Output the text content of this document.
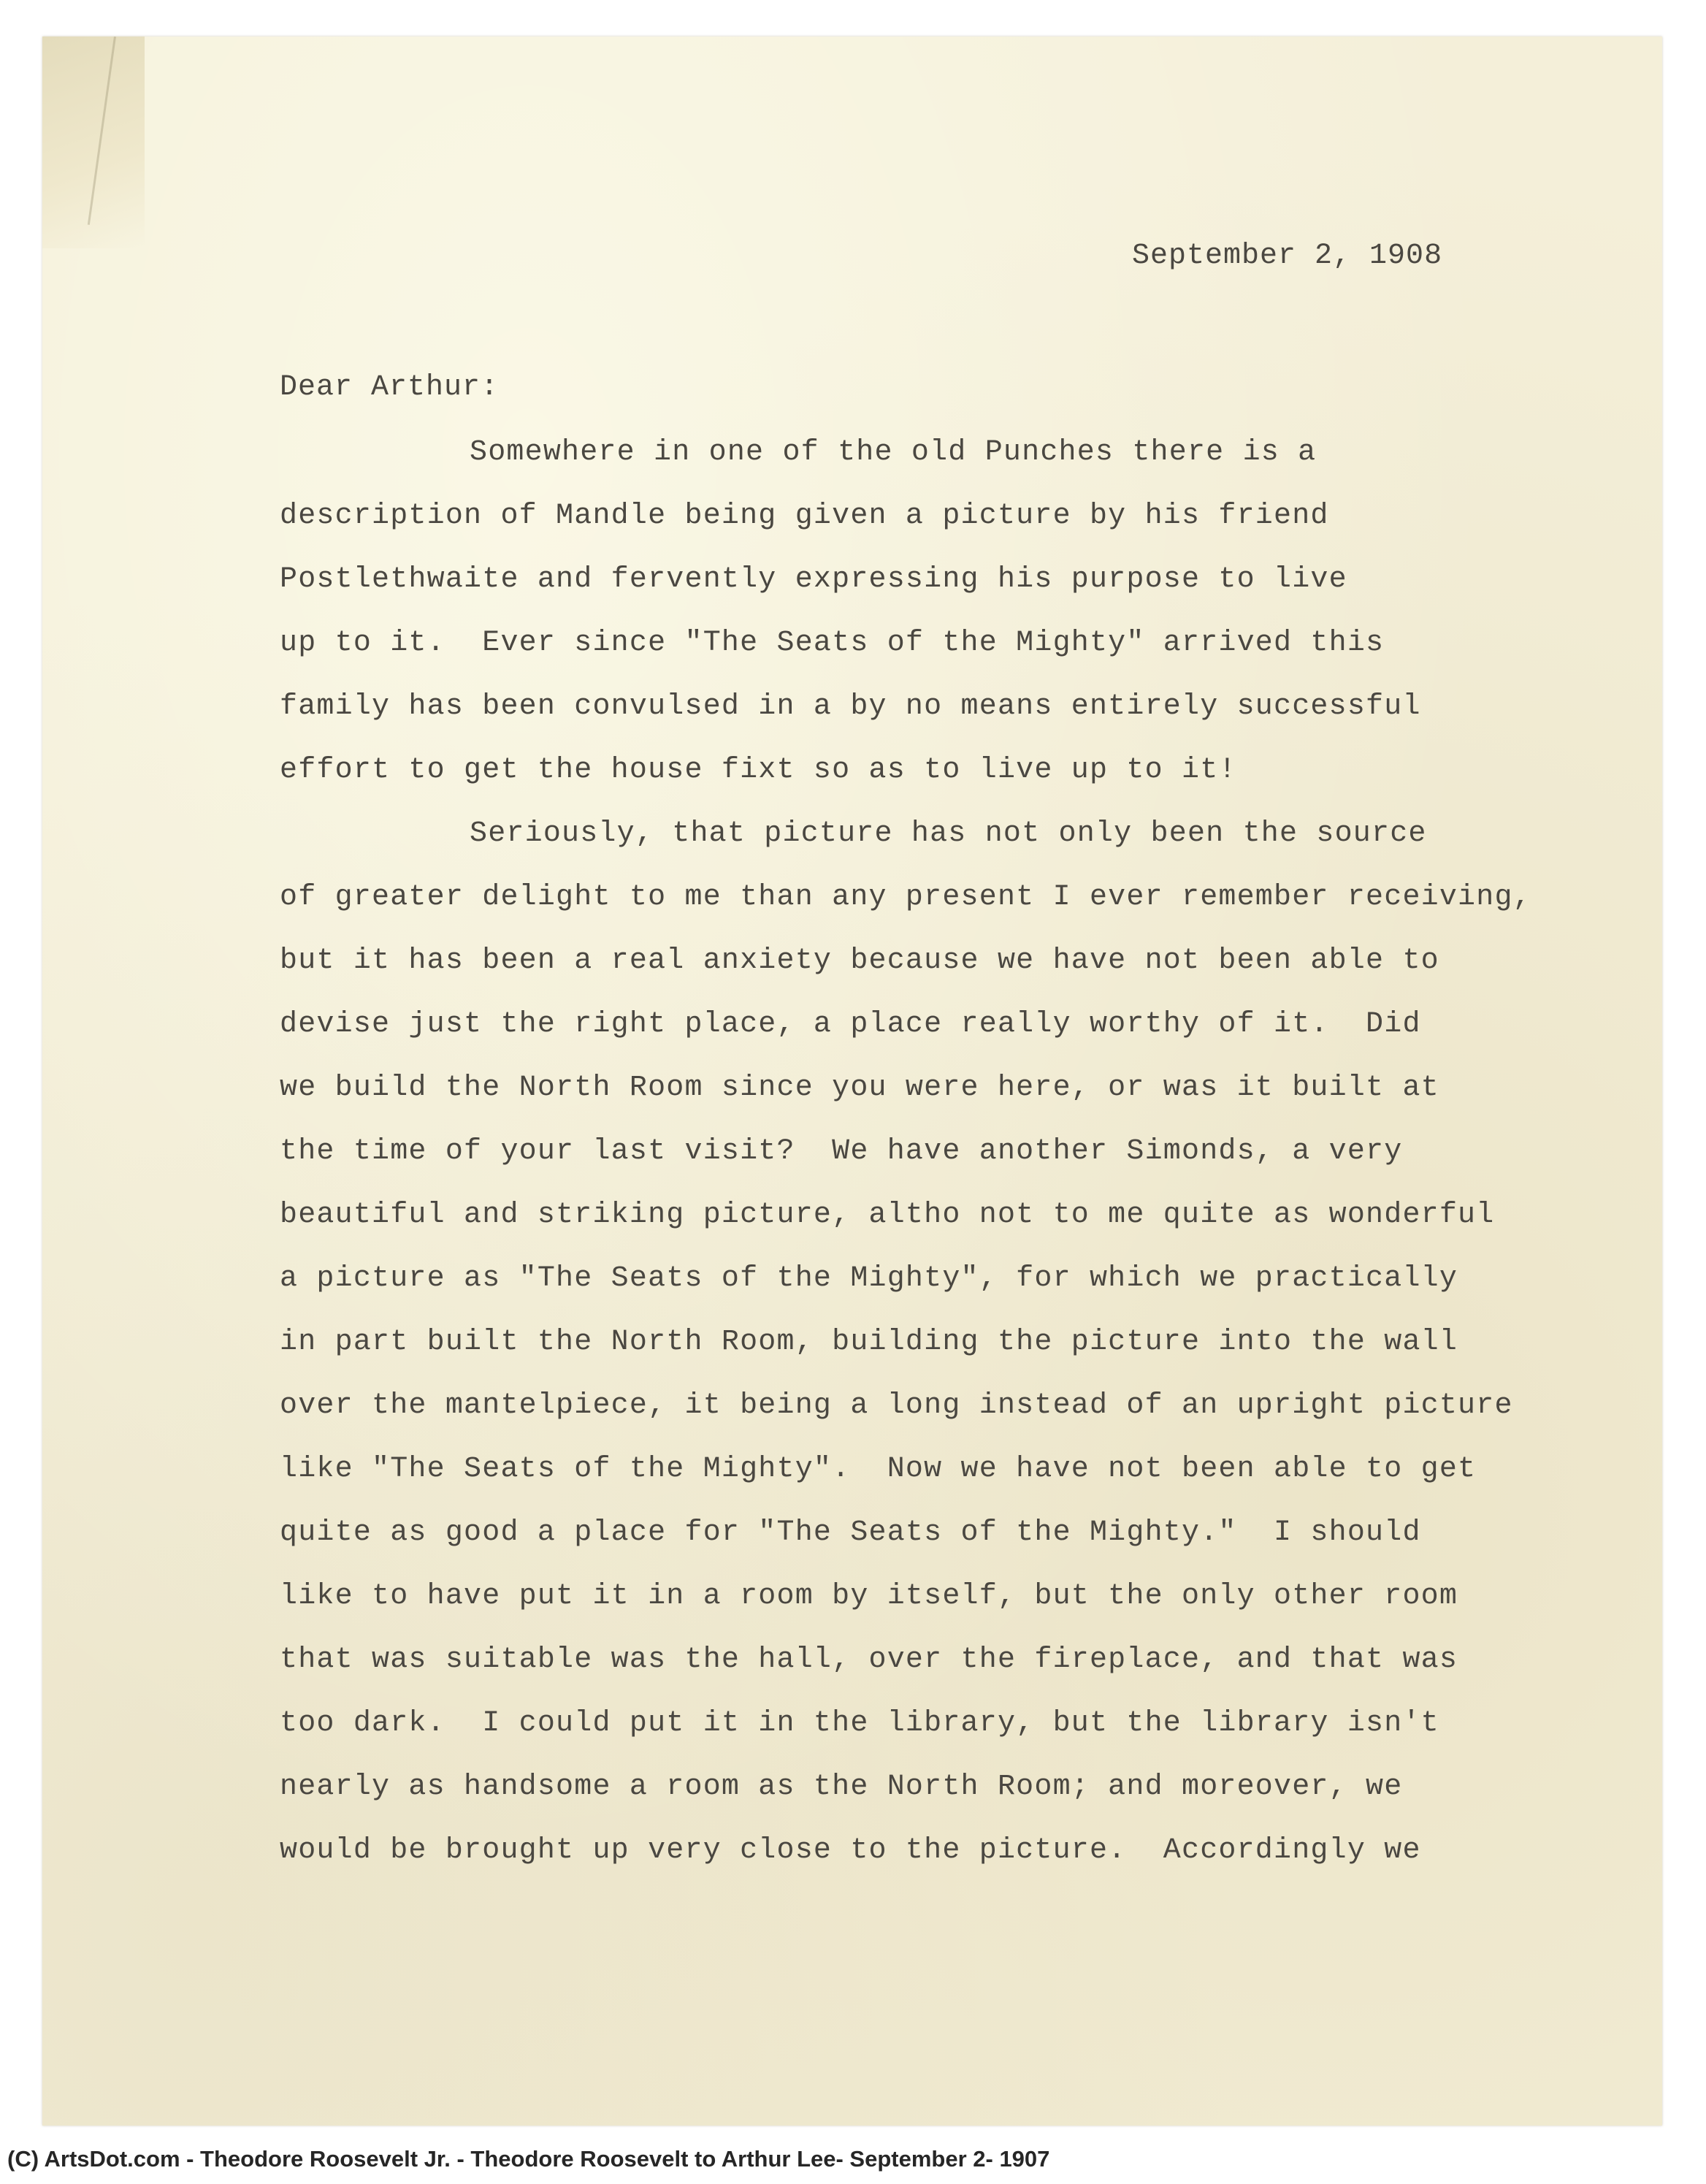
September 2, 1908
Dear Arthur:
Somewhere in one of the old Punches there is a
description of Mandle being given a picture by his friend
Postlethwaite and fervently expressing his purpose to live
up to it.  Ever since "The Seats of the Mighty" arrived this
family has been convulsed in a by no means entirely successful
effort to get the house fixt so as to live up to it!
Seriously, that picture has not only been the source
of greater delight to me than any present I ever remember receiving,
but it has been a real anxiety because we have not been able to
devise just the right place, a place really worthy of it.  Did
we build the North Room since you were here, or was it built at
the time of your last visit?  We have another Simonds, a very
beautiful and striking picture, altho not to me quite as wonderful
a picture as "The Seats of the Mighty", for which we practically
in part built the North Room, building the picture into the wall
over the mantelpiece, it being a long instead of an upright picture
like "The Seats of the Mighty".  Now we have not been able to get
quite as good a place for "The Seats of the Mighty."  I should
like to have put it in a room by itself, but the only other room
that was suitable was the hall, over the fireplace, and that was
too dark.  I could put it in the library, but the library isn't
nearly as handsome a room as the North Room; and moreover, we
would be brought up very close to the picture.  Accordingly we
(C) ArtsDot.com - Theodore Roosevelt Jr. - Theodore Roosevelt to Arthur Lee- September 2- 1907
